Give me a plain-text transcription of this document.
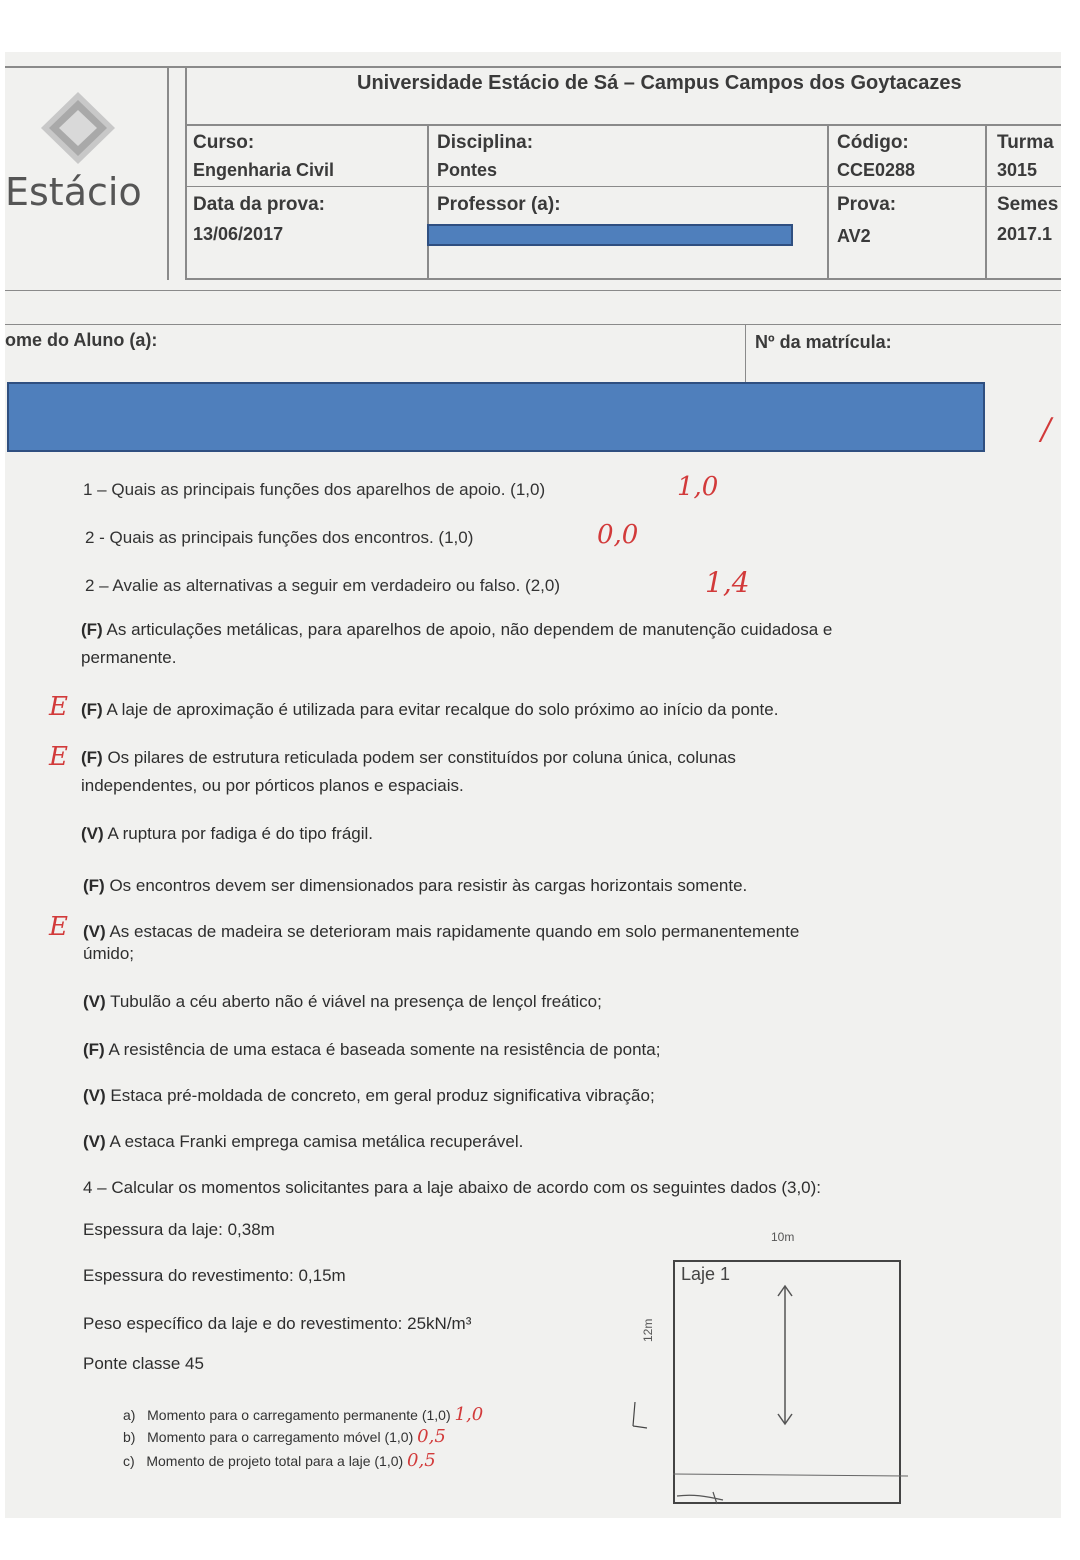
Estácio
Universidade Estácio de Sá – Campus Campos dos Goytacazes
Curso:
Engenharia Civil
Disciplina:
Pontes
Código:
CCE0288
Turma
3015
Data da prova:
13/06/2017
Professor (a):	Prova:
AV2
Semes
2017.1
ome do Aluno (a):	Nº da matrícula:
/
1 – Quais as principais funções dos aparelhos de apoio. (1,0)	1,0
2 - Quais as principais funções dos encontros. (1,0)	0,0
2 – Avalie as alternativas a seguir em verdadeiro ou falso. (2,0)	1,4
(F) As articulações metálicas, para aparelhos de apoio, não dependem de manutenção cuidadosa e
permanente.
E (F) A laje de aproximação é utilizada para evitar recalque do solo próximo ao início da ponte.
E (F) Os pilares de estrutura reticulada podem ser constituídos por coluna única, colunas
independentes, ou por pórticos planos e espaciais.
(V) A ruptura por fadiga é do tipo frágil.
(F) Os encontros devem ser dimensionados para resistir às cargas horizontais somente.
E (V) As estacas de madeira se deterioram mais rapidamente quando em solo permanentemente
úmido;
(V) Tubulão a céu aberto não é viável na presença de lençol freático;
(F) A resistência de uma estaca é baseada somente na resistência de ponta;
(V) Estaca pré-moldada de concreto, em geral produz significativa vibração;
(V) A estaca Franki emprega camisa metálica recuperável.
4 – Calcular os momentos solicitantes para a laje abaixo de acordo com os seguintes dados (3,0):
Espessura da laje: 0,38m
Espessura do revestimento: 0,15m
Peso específico da laje e do revestimento: 25kN/m³
Ponte classe 45
a) Momento para o carregamento permanente (1,0) 1,0
b) Momento para o carregamento móvel (1,0) 0,5
c) Momento de projeto total para a laje (1,0) 0,5
10m
12m
Laje 1
